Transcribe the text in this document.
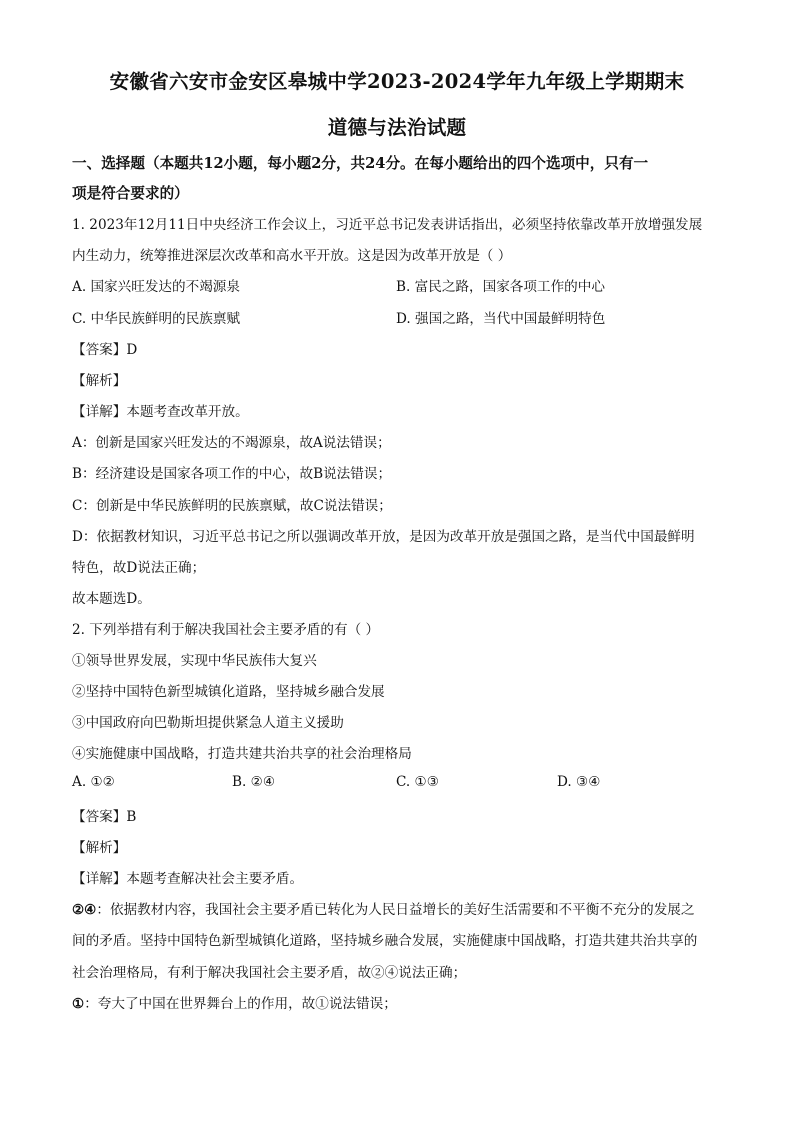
安徽省六安市金安区皋城中学2023-2024学年九年级上学期期末
道德与法治试题
一、选择题（本题共12小题，每小题2分，共24分。在每小题给出的四个选项中，只有一
项是符合要求的）
1. 2023年12月11日中央经济工作会议上，习近平总书记发表讲话指出，必须坚持依靠改革开放增强发展
内生动力，统筹推进深层次改革和高水平开放。这是因为改革开放是（ ）
A. 国家兴旺发达的不竭源泉	B. 富民之路，国家各项工作的中心
C. 中华民族鲜明的民族禀赋	D. 强国之路，当代中国最鲜明特色
【答案】D
【解析】
【详解】本题考查改革开放。
A：创新是国家兴旺发达的不竭源泉，故A说法错误；
B：经济建设是国家各项工作的中心，故B说法错误；
C：创新是中华民族鲜明的民族禀赋，故C说法错误；
D：依据教材知识，习近平总书记之所以强调改革开放，是因为改革开放是强国之路，是当代中国最鲜明
特色，故D说法正确；
故本题选D。
2. 下列举措有利于解决我国社会主要矛盾的有（ ）
①领导世界发展，实现中华民族伟大复兴
②坚持中国特色新型城镇化道路，坚持城乡融合发展
③中国政府向巴勒斯坦提供紧急人道主义援助
④实施健康中国战略，打造共建共治共享的社会治理格局
A. ①②	B. ②④	C. ①③	D. ③④
【答案】B
【解析】
【详解】本题考查解决社会主要矛盾。
②④：依据教材内容，我国社会主要矛盾已转化为人民日益增长的美好生活需要和不平衡不充分的发展之
间的矛盾。坚持中国特色新型城镇化道路，坚持城乡融合发展，实施健康中国战略，打造共建共治共享的
社会治理格局，有利于解决我国社会主要矛盾，故②④说法正确；
①：夸大了中国在世界舞台上的作用，故①说法错误；
